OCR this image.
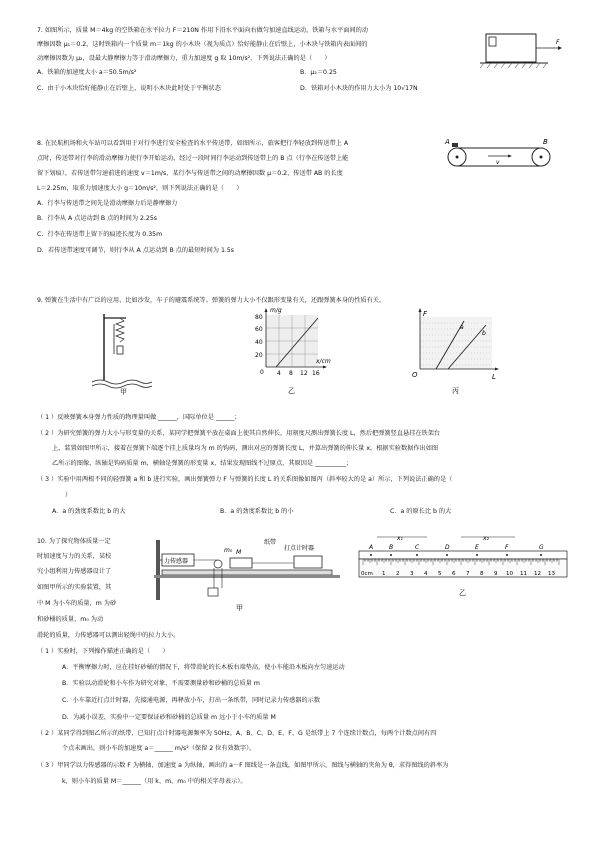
7. 如图所示，质量 M＝4kg 的空铁箱在水平拉力 F＝210N 作用下沿水平面向右做匀加速直线运动，铁箱与水平面间的动
摩擦因数 μ₁＝0.2，这时铁箱内一个质量 m＝1kg 的小木块（视为质点）恰好能静止在后壁上，小木块与铁箱内表面间的
动摩擦因数为 μ₂，设最大静摩擦力等于滑动摩擦力，重力加速度 g 取 10m/s²，下列说法正确的是（　　）
A．铁箱的加速度大小 a＝50.5m/s²	B．μ₂＝0.25
C．由于小木块恰好能静止在后壁上，说明小木块此时处于平衡状态	D．铁箱对小木块的作用力大小为 10√17N
F
8. 在民航机场和火车站可以看到用于对行李进行安全检查的水平传送带，如图所示，旅客把行李轻放到传送带上 A
点时，传送带对行李的滑动摩擦力使行李开始运动，经过一段时间行李运动到传送带上的 B 点（行李在传送带上能
留下划痕），若传送带匀速前进的速度 v＝1m/s，某行李与传送带之间的动摩擦因数 μ＝0.2，传送带 AB 的长度
L＝2.25m，取重力加速度大小 g＝10m/s²，则下列说法正确的是（　　）
A．行李与传送带之间先是滑动摩擦力后是静摩擦力
B．行李从 A 点运动到 B 点的时间为 2.25s
C．行李在传送带上留下的痕迹长度为 0.35m
D．若传送带速度可调节，则行李从 A 点运动到 B 点的最短时间为 1.5s
A	B
v
9. 弹簧在生活中有广泛的应用，比如沙发，车子的避震系统等。弹簧的弹力大小不仅跟形变量有关，还跟弹簧本身的性质有关。
甲
m/g
x/cm
80
60
40
20
0 4 8 12 16
乙
a
b
F
L
O
丙
（ 1 ）反映弹簧本身弹力性质的物理量叫做 ______，国际单位是 ______；
（ 2 ）为研究弹簧的弹力大小与形变量的关系，某同学把弹簧平放在桌面上使其自然伸长，用刻度尺测出弹簧长度 L，然后把弹簧竖直悬挂在铁架台
上，装置如图甲所示，接着在弹簧下端逐个挂上质量均为 m 的钩码，测出对应的弹簧长度 L，并算出弹簧的伸长量 x，根据实验数据作出如图
乙所示的图像，纵轴是钩码质量 m，横轴是弹簧的形变量 x，结果发现图线不过原点，其原因是 __________；
（ 3 ）实验中用两根不同的轻弹簧 a 和 b 进行实验，画出弹簧弹力 F 与弹簧的长度 L 的关系图像如图丙（斜率较大的是 a）所示，下列说法正确的是（
）
A．a 的劲度系数比 b 的大	B．a 的劲度系数比 b 的小	C．a 的原长比 b 的大
10. 为了探究物体质量一定
时加速度与力的关系，某校
究小组利用力传感器设计了
如图甲所示的实验装置，其
中 M 为小车的质量，m 为砂
和砂桶的质量，m₀ 为动
滑轮的质量，力传感器可以测出轻绳中的拉力大小。
力传感器
m₀ M
纸带
打点计时器
甲
x₁	x₂
A	B	C	D	E	F	G
0cm 1 2 3 4 5 6 7 8 9 10 11 12 13
乙
（ 1 ）实验时，下列操作描述正确的是（　　）
A．平衡摩擦力时，应在挂好砂桶的情况下，将带滑轮的长木板右端垫高，使小车能沿木板向左匀速运动
B．实验以动滑轮和小车作为研究对象，不需要测量砂和砂桶的总质量 m
C．小车靠近打点计时器，先接通电源，再释放小车，打出一条纸带，同时记录力传感器的示数
D．为减小误差，实验中一定要保证砂和砂桶的总质量 m 远小于小车的质量 M
（ 2 ）某同学得到图乙所示的纸带，已知打点计时器电源频率为 50Hz。A、B、C、D、E、F、G 是纸带上 7 个连续计数点，每两个计数点间有四
个点未画出，则小车的加速度 a＝______ m/s²（保留 2 位有效数字）。
（ 3 ）甲同学以力传感器的示数 F 为横轴，加速度 a 为纵轴，画出的 a－F 图线是一条直线，如图甲所示，图线与横轴的夹角为 θ，求得图线的斜率为
k，则小车的质量 M＝______（用 k、m、m₀ 中的相关字母表示）。
